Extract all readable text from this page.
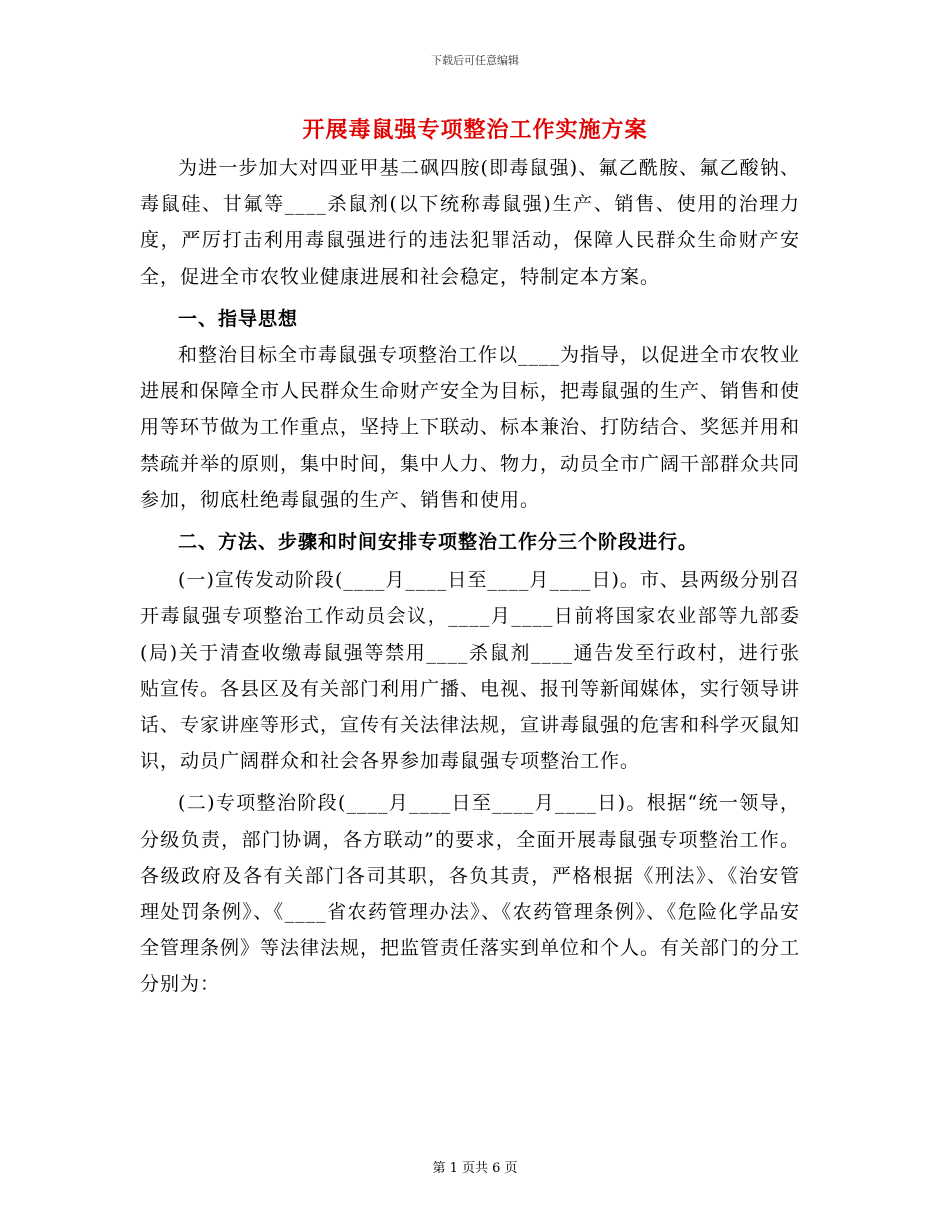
下载后可任意编辑
开展毒鼠强专项整治工作实施方案

为进一步加大对四亚甲基二砜四胺(即毒鼠强)、氟乙酰胺、氟乙酸钠、毒鼠硅、甘氟等____杀鼠剂(以下统称毒鼠强)生产、销售、使用的治理力度，严厉打击利用毒鼠强进行的违法犯罪活动，保障人民群众生命财产安全，促进全市农牧业健康进展和社会稳定，特制定本方案。

一、指导思想

和整治目标全市毒鼠强专项整治工作以____为指导，以促进全市农牧业进展和保障全市人民群众生命财产安全为目标，把毒鼠强的生产、销售和使用等环节做为工作重点，坚持上下联动、标本兼治、打防结合、奖惩并用和禁疏并举的原则，集中时间，集中人力、物力，动员全市广阔干部群众共同参加，彻底杜绝毒鼠强的生产、销售和使用。

二、方法、步骤和时间安排专项整治工作分三个阶段进行。

(一)宣传发动阶段(____月____日至____月____日)。市、县两级分别召开毒鼠强专项整治工作动员会议，____月____日前将国家农业部等九部委(局)关于清查收缴毒鼠强等禁用____杀鼠剂____通告发至行政村，进行张贴宣传。各县区及有关部门利用广播、电视、报刊等新闻媒体，实行领导讲话、专家讲座等形式，宣传有关法律法规，宣讲毒鼠强的危害和科学灭鼠知识，动员广阔群众和社会各界参加毒鼠强专项整治工作。

(二)专项整治阶段(____月____日至____月____日)。根据“统一领导，分级负责，部门协调，各方联动”的要求，全面开展毒鼠强专项整治工作。各级政府及各有关部门各司其职，各负其责，严格根据《刑法》、《治安管理处罚条例》、《____省农药管理办法》、《农药管理条例》、《危险化学品安全管理条例》等法律法规，把监管责任落实到单位和个人。有关部门的分工分别为：

第 1 页共 6 页
